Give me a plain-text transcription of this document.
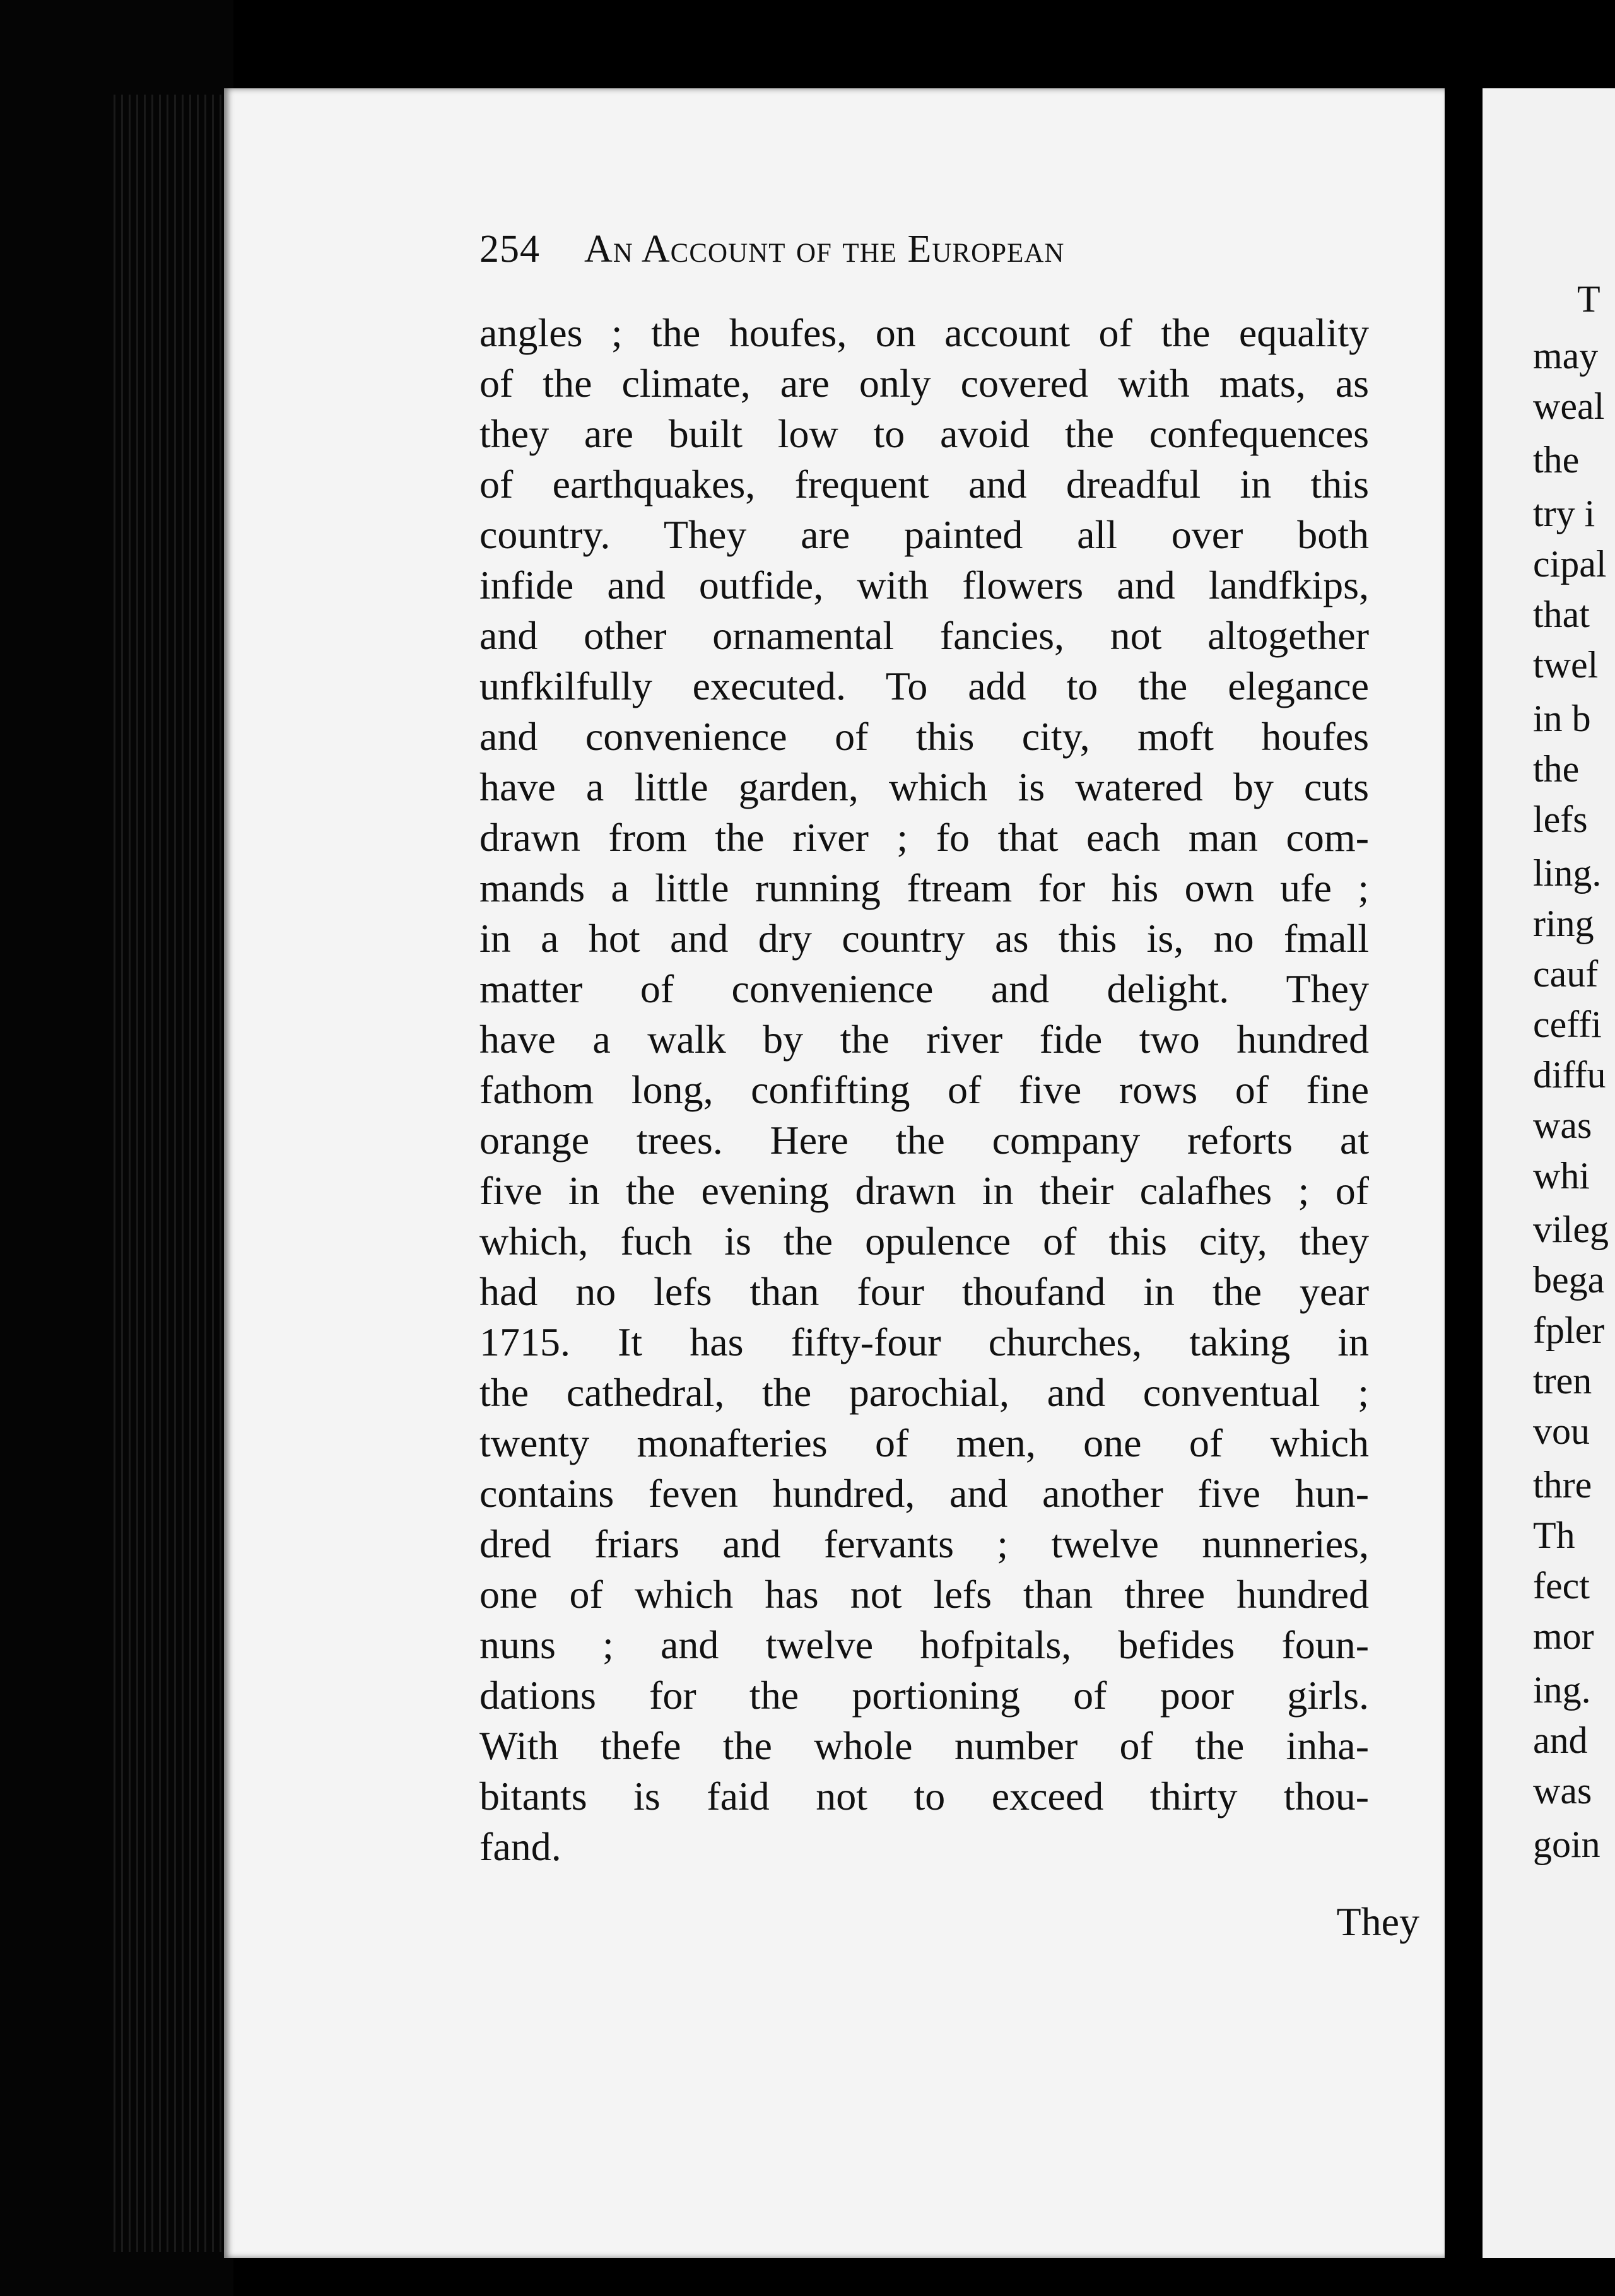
254 An Account of the European
angles ; the houfes, on account of the equality
of the climate, are only covered with mats, as
they are built low to avoid the confequences
of earthquakes, frequent and dreadful in this
country. They are painted all over both
infide and outfide, with flowers and landfkips,
and other ornamental fancies, not altogether
unfkilfully executed. To add to the elegance
and convenience of this city, moft houfes
have a little garden, which is watered by cuts
drawn from the river ; fo that each man com-
mands a little running ftream for his own ufe ;
in a hot and dry country as this is, no fmall
matter of convenience and delight. They
have a walk by the river fide two hundred
fathom long, confifting of five rows of fine
orange trees. Here the company reforts at
five in the evening drawn in their calafhes ; of
which, fuch is the opulence of this city, they
had no lefs than four thoufand in the year
1715. It has fifty-four churches, taking in
the cathedral, the parochial, and conventual ;
twenty monafteries of men, one of which
contains feven hundred, and another five hun-
dred friars and fervants ; twelve nunneries,
one of which has not lefs than three hundred
nuns ; and twelve hofpitals, befides foun-
dations for the portioning of poor girls.
With thefe the whole number of the inha-
bitants is faid not to exceed thirty thou-
fand.
They
T
may
weal
the
try i
cipal
that
twel
in b
the
lefs
ling.
ring
cauf
ceffi
diffu
was
whi
vileg
bega
fpler
tren
vou
thre
Th
fect
mor
ing.
and
was
goin
